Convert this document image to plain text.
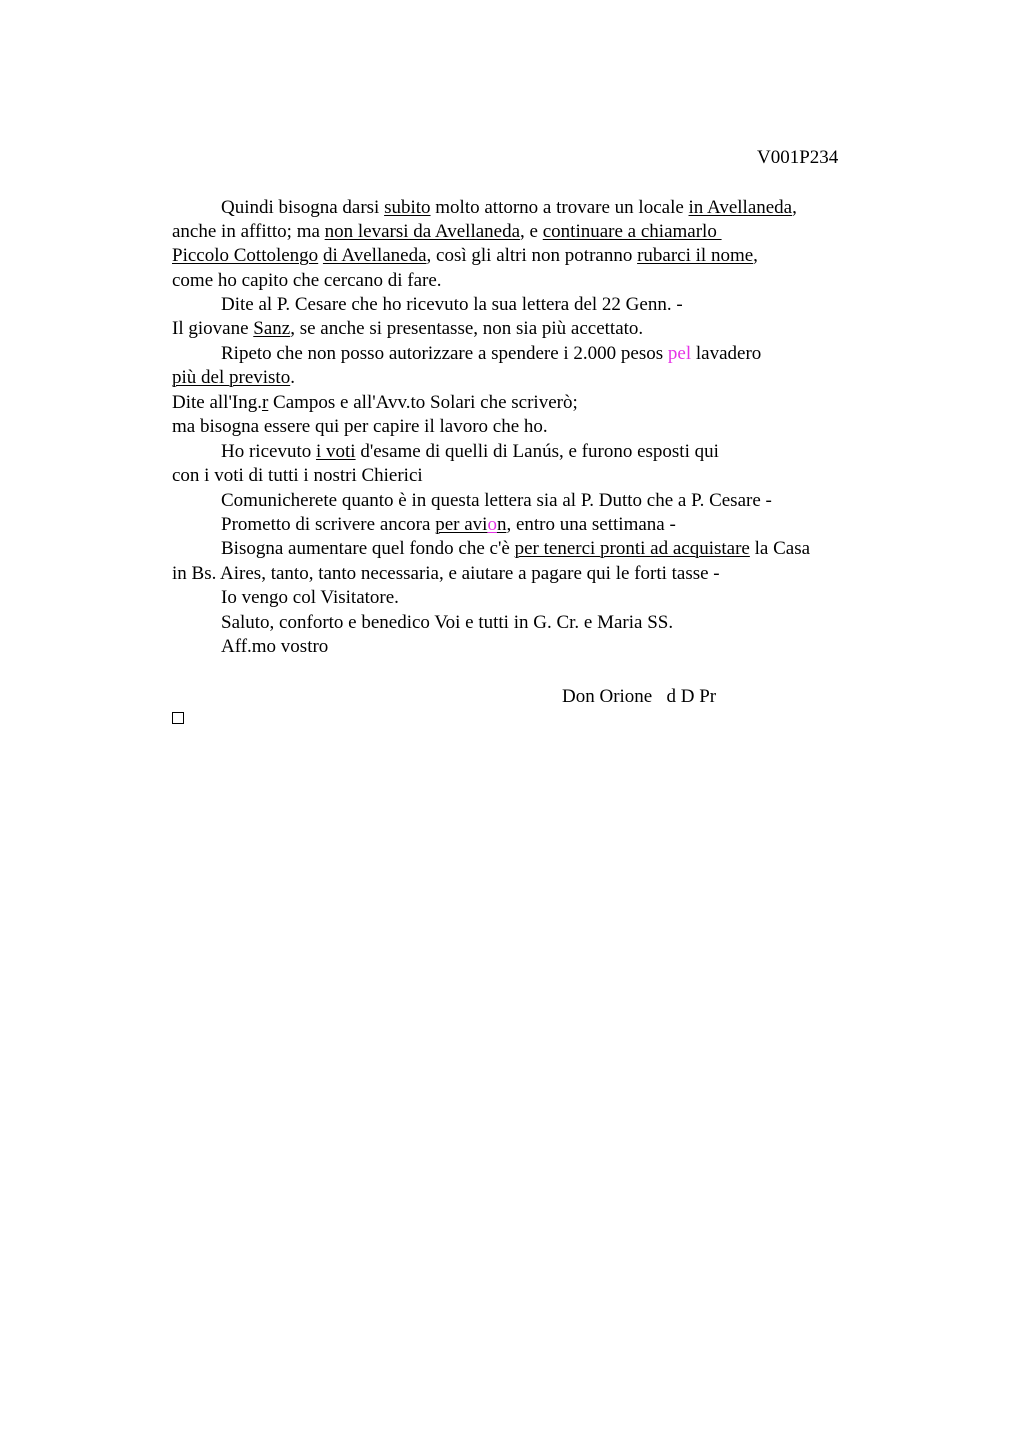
V001P234
Quindi bisogna darsi subito molto attorno a trovare un locale in Avellaneda,
anche in affitto; ma non levarsi da Avellaneda, e continuare a chiamarlo
Piccolo Cottolengo di Avellaneda, così gli altri non potranno rubarci il nome,
come ho capito che cercano di fare.
Dite al P. Cesare che ho ricevuto la sua lettera del 22 Genn. -
Il giovane Sanz, se anche si presentasse, non sia più accettato.
Ripeto che non posso autorizzare a spendere i 2.000 pesos pel lavadero
più del previsto.
Dite all'Ing.r Campos e all'Avv.to Solari che scriverò;
ma bisogna essere qui per capire il lavoro che ho.
Ho ricevuto i voti d'esame di quelli di Lanús, e furono esposti qui
con i voti di tutti i nostri Chierici
Comunicherete quanto è in questa lettera sia al P. Dutto che a P. Cesare -
Prometto di scrivere ancora per avion, entro una settimana -
Bisogna aumentare quel fondo che c'è per tenerci pronti ad acquistare la Casa
in Bs. Aires, tanto, tanto necessaria, e aiutare a pagare qui le forti tasse -
Io vengo col Visitatore.
Saluto, conforto e benedico Voi e tutti in G. Cr. e Maria SS.
Aff.mo vostro
Don Orione   d D Pr
